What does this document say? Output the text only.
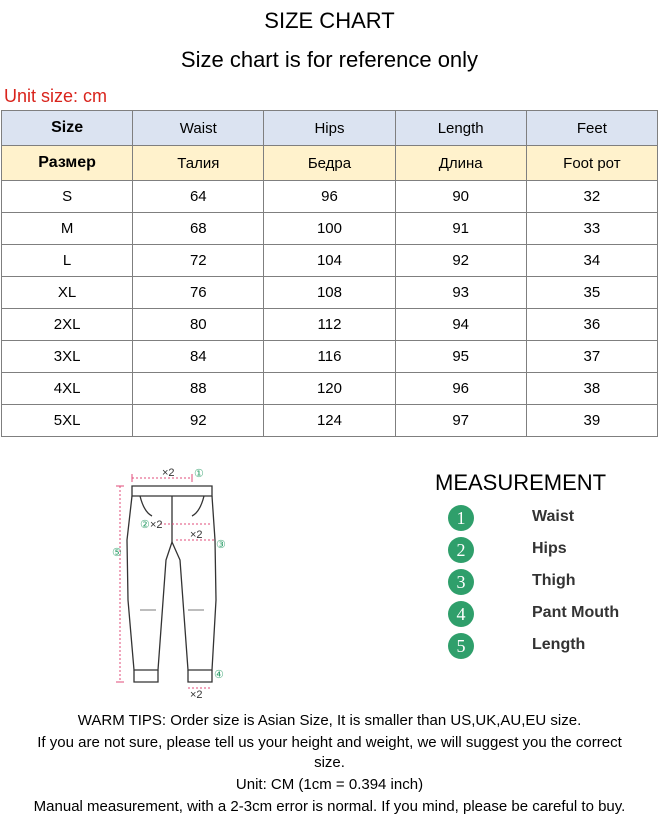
SIZE CHART
Size chart is for reference only
Unit size: cm
Size	Waist	Hips	Length	Feet
Размер	Талия	Бедра	Длина	Foot рот
S	64	96	90	32
M	68	100	91	33
L	72	104	92	34
XL	76	108	93	35
2XL	80	112	94	36
3XL	84	116	95	37
4XL	88	120	96	38
5XL	92	124	97	39
×2 ①
② ×2
×2
③
⑤
④
×2
MEASUREMENT
1	Waist
2	Hips
3	Thigh
4	Pant Mouth
5	Length
WARM TIPS: Order size is Asian Size, It is smaller than US,UK,AU,EU size.
If you are not sure, please tell us your height and weight, we will suggest you the correct
size.
Unit: CM (1cm = 0.394 inch)
Manual measurement, with a 2-3cm error is normal. If you mind, please be careful to buy.
